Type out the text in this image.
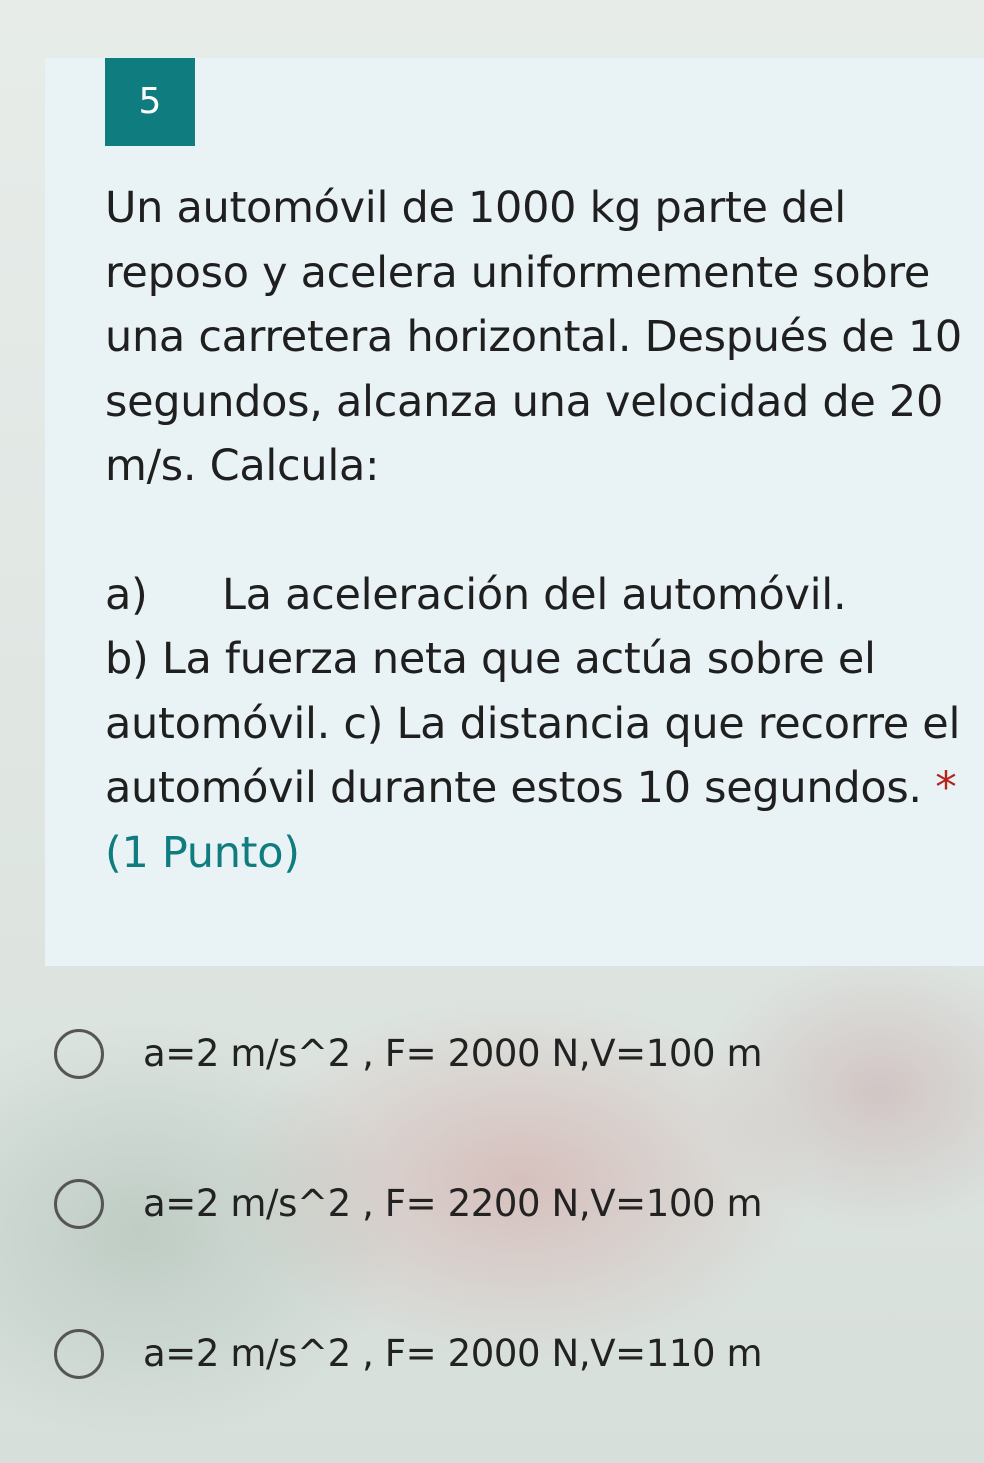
5
Un automóvil de 1000 kg parte del reposo y acelera uniformemente sobre una carretera horizontal. Después de 10 segundos, alcanza una velocidad de 20 m/s. Calcula:
a) La aceleración del automóvil.
b) La fuerza neta que actúa sobre el automóvil. c) La distancia que recorre el automóvil durante estos 10 segundos. * (1 Punto)
a=2 m/s^2 , F= 2000 N,V=100 m
a=2 m/s^2 , F= 2200 N,V=100 m
a=2 m/s^2 , F= 2000 N,V=110 m
